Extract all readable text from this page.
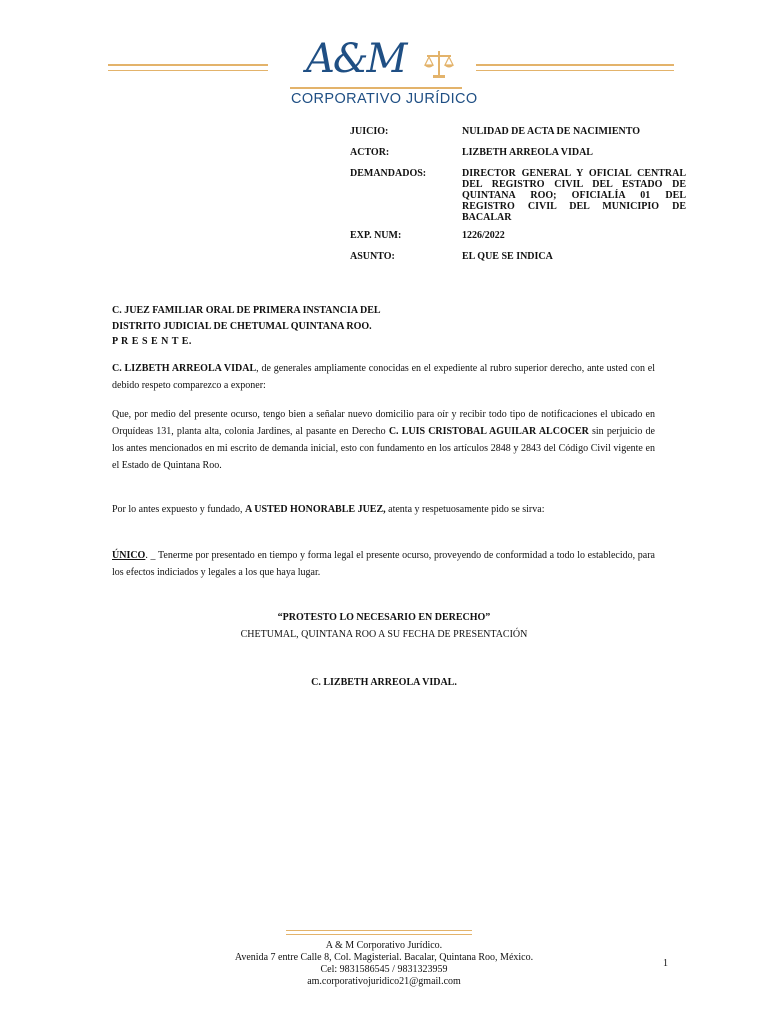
A&M
CORPORATIVO JURÍDICO
JUICIO:	NULIDAD DE ACTA DE NACIMIENTO
ACTOR:	LIZBETH ARREOLA VIDAL
DEMANDADOS:	DIRECTOR GENERAL Y OFICIAL CENTRAL DEL REGISTRO CIVIL DEL ESTADO DE QUINTANA ROO; OFICIALÍA 01 DEL REGISTRO CIVIL DEL MUNICIPIO DE BACALAR
EXP. NUM:	1226/2022
ASUNTO:	EL QUE SE INDICA
C. JUEZ FAMILIAR ORAL DE PRIMERA INSTANCIA DEL
DISTRITO JUDICIAL DE CHETUMAL QUINTANA ROO.
P R E S E N T E.
C. LIZBETH ARREOLA VIDAL, de generales ampliamente conocidas en el expediente al rubro superior derecho, ante usted con el debido respeto comparezco a exponer:
Que, por medio del presente ocurso, tengo bien a señalar nuevo domicilio para oír y recibir todo tipo de notificaciones el ubicado en Orquídeas 131, planta alta, colonia Jardines, al pasante en Derecho C. LUIS CRISTOBAL AGUILAR ALCOCER sin perjuicio de los antes mencionados en mi escrito de demanda inicial, esto con fundamento en los artículos 2848 y 2843 del Código Civil vigente en el Estado de Quintana Roo.
Por lo antes expuesto y fundado, A USTED HONORABLE JUEZ, atenta y respetuosamente pido se sirva:
ÚNICO. _ Tenerme por presentado en tiempo y forma legal el presente ocurso, proveyendo de conformidad a todo lo establecido, para los efectos indiciados y legales a los que haya lugar.
“PROTESTO LO NECESARIO EN DERECHO”
CHETUMAL, QUINTANA ROO A SU FECHA DE PRESENTACIÓN
C. LIZBETH ARREOLA VIDAL.
A & M Corporativo Jurídico.
Avenida 7 entre Calle 8, Col. Magisterial. Bacalar, Quintana Roo, México.
Cel: 9831586545 / 9831323959
am.corporativojuridico21@gmail.com
1
